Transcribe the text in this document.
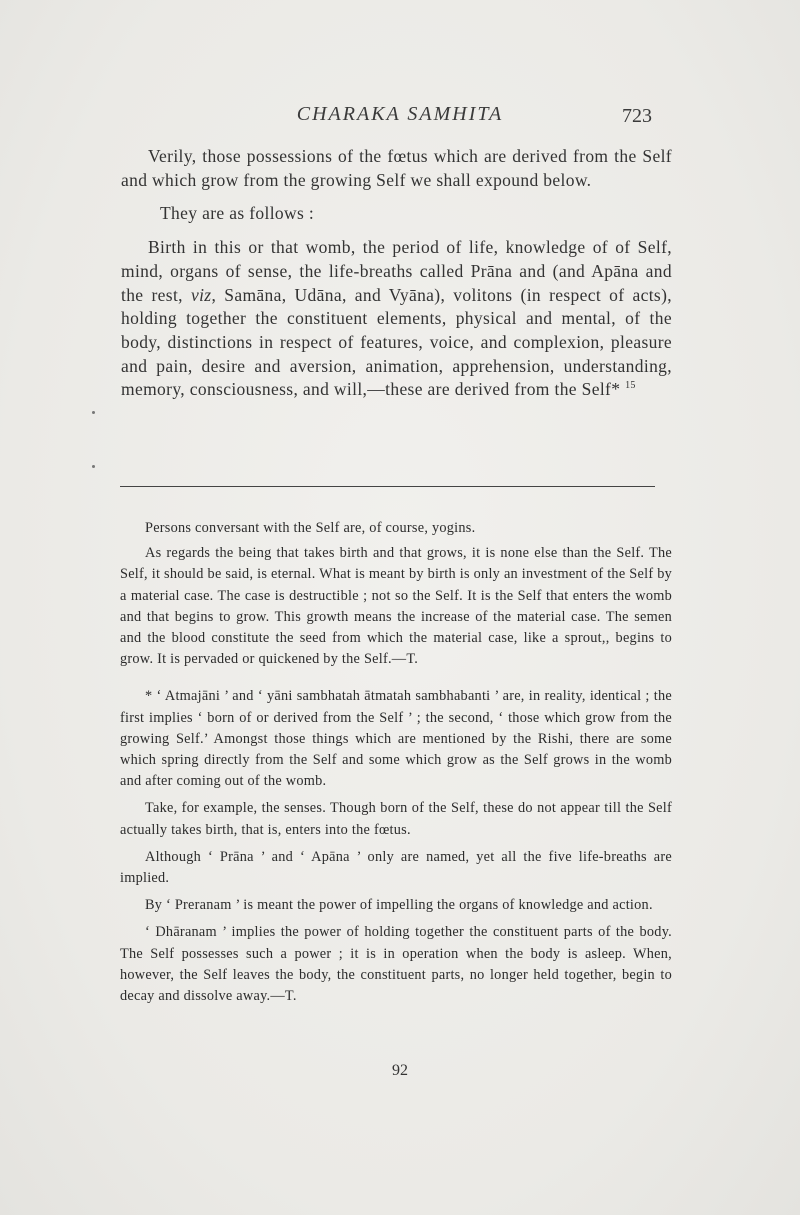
CHARAKA SAMHITA	723

Verily, those possessions of the fœtus which are derived from the Self and which grow from the growing Self we shall expound below.

They are as follows :

Birth in this or that womb, the period of life, knowledge of of Self, mind, organs of sense, the life-breaths called Prāna and (and Apāna and the rest, viz, Samāna, Udāna, and Vyāna), volitons (in respect of acts), holding together the constituent elements, physical and mental, of the body, distinctions in respect of features, voice, and complexion, pleasure and pain, desire and aversion, animation, apprehension, understanding, memory, consciousness, and will,—these are derived from the Self* $^{15}$

Persons conversant with the Self are, of course, yogins.

As regards the being that takes birth and that grows, it is none else than the Self. The Self, it should be said, is eternal. What is meant by birth is only an investment of the Self by a material case. The case is destructible ; not so the Self. It is the Self that enters the womb and that begins to grow. This growth means the increase of the material case. The semen and the blood constitute the seed from which the material case, like a sprout,, begins to grow. It is pervaded or quickened by the Self.—T.

* ‘ Atmajāni ’ and ‘ yāni sambhatah ātmatah sambhabanti ’ are, in reality, identical ; the first implies ‘ born of or derived from the Self ’ ; the second, ‘ those which grow from the growing Self.’ Amongst those things which are mentioned by the Rishi, there are some which spring directly from the Self and some which grow as the Self grows in the womb and after coming out of the womb.

Take, for example, the senses. Though born of the Self, these do not appear till the Self actually takes birth, that is, enters into the fœtus.

Although ‘ Prāna ’ and ‘ Apāna ’ only are named, yet all the five life-breaths are implied.

By ‘ Preranam ’ is meant the power of impelling the organs of knowledge and action.

‘ Dhāranam ’ implies the power of holding together the constituent parts of the body. The Self possesses such a power ; it is in operation when the body is asleep. When, however, the Self leaves the body, the constituent parts, no longer held together, begin to decay and dissolve away.—T.

92
